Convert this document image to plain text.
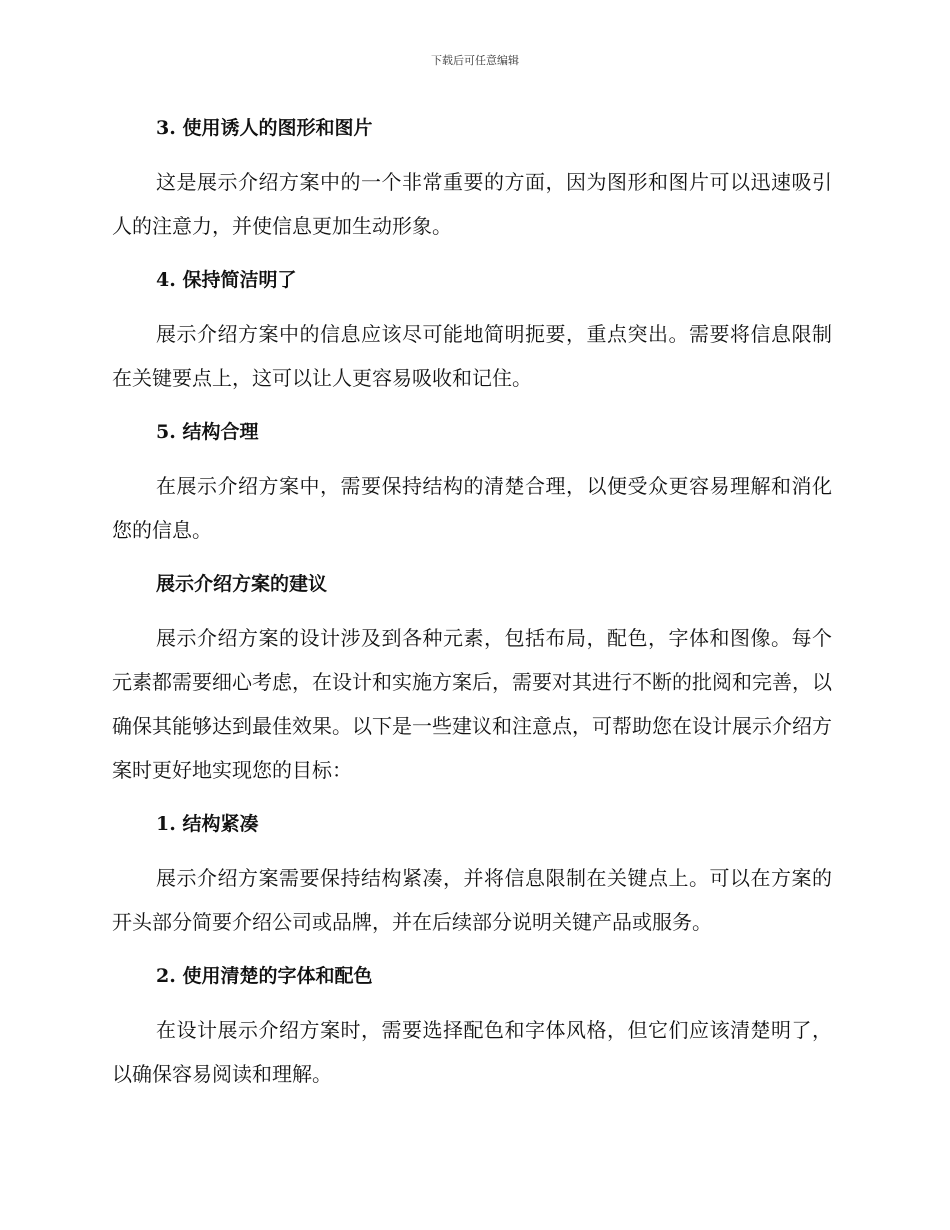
下载后可任意编辑
3. 使用诱人的图形和图片

这是展示介绍方案中的一个非常重要的方面，因为图形和图片可以迅速吸引人的注意力，并使信息更加生动形象。

4. 保持简洁明了

展示介绍方案中的信息应该尽可能地简明扼要，重点突出。需要将信息限制在关键要点上，这可以让人更容易吸收和记住。

5. 结构合理

在展示介绍方案中，需要保持结构的清楚合理，以便受众更容易理解和消化您的信息。

展示介绍方案的建议

展示介绍方案的设计涉及到各种元素，包括布局，配色，字体和图像。每个元素都需要细心考虑，在设计和实施方案后，需要对其进行不断的批阅和完善，以确保其能够达到最佳效果。以下是一些建议和注意点，可帮助您在设计展示介绍方案时更好地实现您的目标：

1. 结构紧凑

展示介绍方案需要保持结构紧凑，并将信息限制在关键点上。可以在方案的开头部分简要介绍公司或品牌，并在后续部分说明关键产品或服务。

2. 使用清楚的字体和配色

在设计展示介绍方案时，需要选择配色和字体风格，但它们应该清楚明了，以确保容易阅读和理解。
